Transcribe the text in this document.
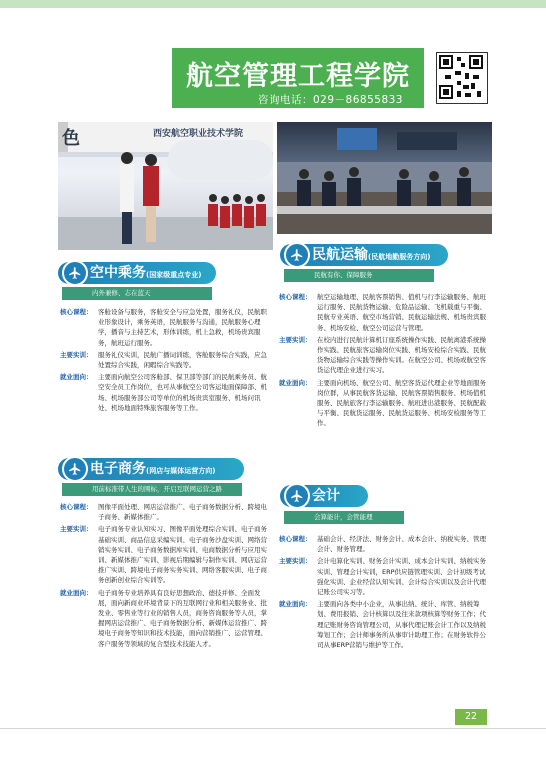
航空管理工程学院
咨询电话：029－86855833
色	西安航空职业技术学院
空中乘务(国家级重点专业)
内外兼修、志在蓝天
核心课程： 客舱设备与服务，客舱安全与应急处置，服务礼仪，民航职业形象设计，乘务英语，民航服务与沟通，民航服务心理学，播音与主持艺术，形体训练，机上急救，机场贵宾服务，航班运行服务。
主要实训： 服务礼仪实训，民航广播词训练，客舱服务综合实践，应急处置综合实践，闲暇综合实践等。
就业面向： 主要面向航空公司客舱部、保卫部等部门的民航乘务员、航空安全员工作岗位，也可从事航空公司客运地面保障部、机场、机场服务部公司等单位的机场贵宾室服务、机场问讯处、机场地面特殊旅客服务等工作。
民航运输(民航地勤服务方向)
民航有你、保障服务
核心课程： 航空运输地理、民航客票销售、值机与行李运输服务、航班运行服务、民航货物运输、危险品运输、飞机载重与平衡、民航专业英语、航空市场营销、民航运输法规、机场贵宾服务、机场安检、航空公司运营与管理。
主要实训： 在校内进行民航计算机订座系统操作实践、民航离港系统操作实践、民航旅客运输岗位实践、机场安检综合实践、民航货物运输综合实践等操作实训。在航空公司、机场或航空客货运代理企业进行实习。
就业面向： 主要面向机场、航空公司、航空客货运代理企业等地面服务岗位群，从事民航客货运输、民航客票销售服务、机场值机服务、民航旅客行李运输服务、航班进出港服务、民航配载与平衡、民航货运服务、民航货运服务、机场安检服务等工作。
电子商务(网店与媒体运营方向)
用前标准带人生的围标，开启互联网运营之路
核心课程： 图像平面处理、网店运营推广、电子商务数据分析、跨境电子商务、新媒体推广。
主要实训： 电子商务专业认知实习、图像平面处理综合实训、电子商务基础实训、商品信息采编实训、电子商务沙盘实训、网络营销实务实训、电子商务数据库实训、电商数据分析与应用实训、新媒体推广实训、影视后期编辑与制作实训、网店运营推广实训、跨境电子商务实务实训、网络客服实训、电子商务创新创业综合实训等。
就业面向： 电子商务专业培养具有良好思想政治、德技并修、全面发展，面向新商业环境背景下的互联网行业和相关服务业、批发业、零售业等行业的销售人员，商务咨询服务等人员，掌握网店运营推广、电子商务数据分析、新媒体运营推广、跨境电子商务等知识和技术技能，面向营销推广、运营管理、客户服务等领域的复合型技术技能人才。
会计
会算能计，会管能理
核心课程： 基础会计、经济法、财务会计、成本会计、纳税实务、管理会计、财务管理。
主要实训： 会计电算化实训、财务会计实训、成本会计实训、纳税实务实训、管理会计实训，ERP供应链管理实训、会计初级考试强化实训、企业经营认知实训、会计综合实训以及会计代理记账公司实习等。
就业面向： 主要面向各类中小企业，从事出纳、统计、库管、纳税筹划、费用报销、会计核算以及往来款项核算等财务工作；代理记账财务咨询管理公司，从事代理记账会计工作以及纳税筹划工作；会计师事务所从事审计助理工作；在财务软件公司从事ERP营销与维护等工作。
22
